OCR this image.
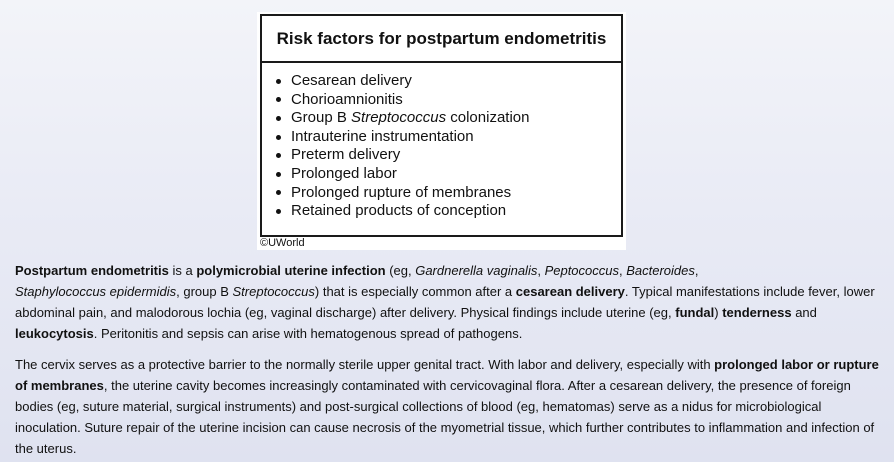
Risk factors for postpartum endometritis
Cesarean delivery
Chorioamnionitis
Group B Streptococcus colonization
Intrauterine instrumentation
Preterm delivery
Prolonged labor
Prolonged rupture of membranes
Retained products of conception
©UWorld

Postpartum endometritis is a polymicrobial uterine infection (eg, Gardnerella vaginalis, Peptococcus, Bacteroides,
Staphylococcus epidermidis, group B Streptococcus) that is especially common after a cesarean delivery. Typical manifestations include fever, lower abdominal pain, and malodorous lochia (eg, vaginal discharge) after delivery. Physical findings include uterine (eg, fundal) tenderness and leukocytosis. Peritonitis and sepsis can arise with hematogenous spread of pathogens.

The cervix serves as a protective barrier to the normally sterile upper genital tract. With labor and delivery, especially with prolonged labor or rupture of membranes, the uterine cavity becomes increasingly contaminated with cervicovaginal flora. After a cesarean delivery, the presence of foreign bodies (eg, suture material, surgical instruments) and post-surgical collections of blood (eg, hematomas) serve as a nidus for microbiological inoculation. Suture repair of the uterine incision can cause necrosis of the myometrial tissue, which further contributes to inflammation and infection of the uterus.
